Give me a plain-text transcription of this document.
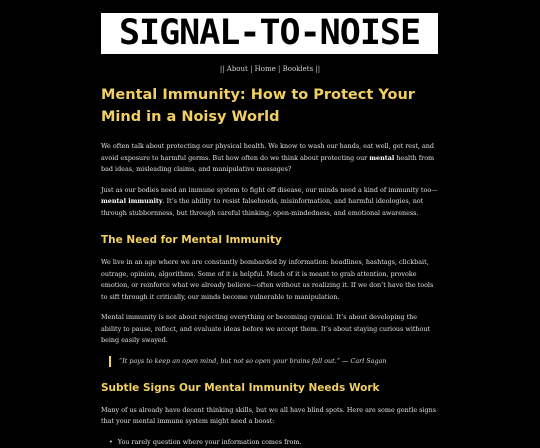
SIGNAL-TO-NOISE
|| About | Home | Booklets ||
Mental Immunity: How to Protect Your Mind in a Noisy World

We often talk about protecting our physical health. We know to wash our hands, eat well, get rest, and avoid exposure to harmful germs. But how often do we think about protecting our mental health from bad ideas, misleading claims, and manipulative messages?

Just as our bodies need an immune system to fight off disease, our minds need a kind of immunity too—mental immunity. It’s the ability to resist falsehoods, misinformation, and harmful ideologies, not through stubbornness, but through careful thinking, open-mindedness, and emotional awareness.

The Need for Mental Immunity

We live in an age where we are constantly bombarded by information: headlines, hashtags, clickbait, outrage, opinion, algorithms. Some of it is helpful. Much of it is meant to grab attention, provoke emotion, or reinforce what we already believe—often without us realizing it. If we don’t have the tools to sift through it critically, our minds become vulnerable to manipulation.

Mental immunity is not about rejecting everything or becoming cynical. It’s about developing the ability to pause, reflect, and evaluate ideas before we accept them. It’s about staying curious without being easily swayed.

“It pays to keep an open mind, but not so open your brains fall out.” — Carl Sagan
Subtle Signs Our Mental Immunity Needs Work

Many of us already have decent thinking skills, but we all have blind spots. Here are some gentle signs that your mental immune system might need a boost:

• You rarely question where your information comes from.
